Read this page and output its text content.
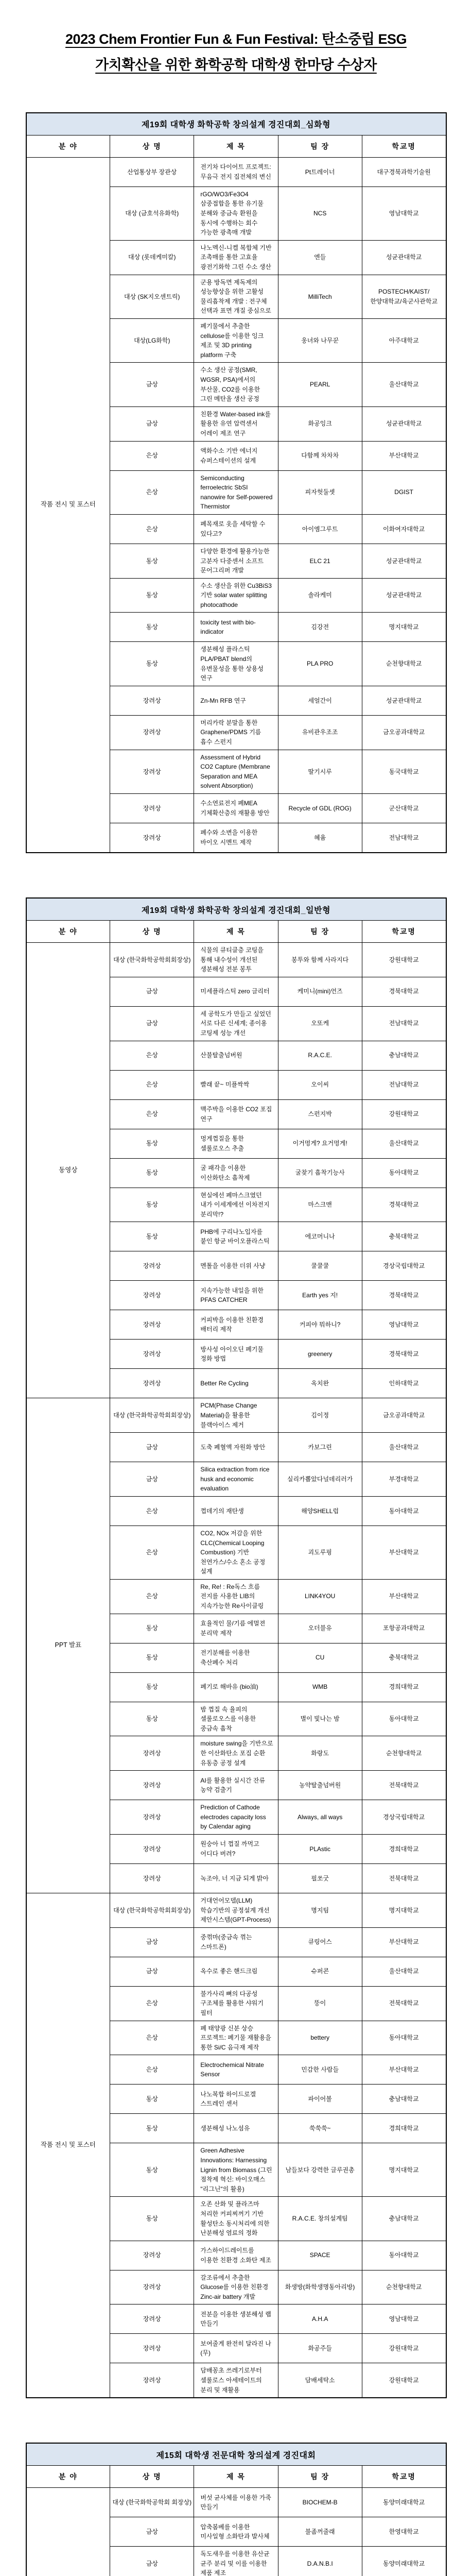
2023 Chem Frontier Fun & Fun Festival: 탄소중립 ESG
가치확산을 위한 화학공학 대학생 한마당 수상자
제19회 대학생 화학공학 창의설계 경진대회_심화형				
분 야	상 명	제 목	팀 장	학교명
작품 전시 및 포스터	산업통상부 장관상	전기차 다이어트 프로젝트: 무음극 전지 집전체의 변신	Pt트레이너	대구경북과학기술원
	대상 (금호석유화학)	rGO/WO3/Fe3O4 삼중접합을 통한 유기물 분해와 중금속 환원을 동시에 수행하는 회수 가능한 광촉매 개발	NCS	영남대학교
	대상 (롯데케미칼)	나노멕신-니켈 복합체 기반 조촉매를 통한 고효율 광전기화학 그린 수소 생산	엔들	성균관대학교
	대상 (SK지오센트릭)	군용 방독면 제독제의 성능향상을 위한 고활성 물리흡착제 개발 : 전구체 선택과 표면 개질 중심으로	MilliTech	POSTECH/KAIST/한양대학교/육군사관학교
	대상(LG화학)	폐기물에서 추출한 cellulose를 이용한 잉크 제조 및 3D printing platform 구축	웅녀와 나무꾼	아주대학교
	금상	수소 생산 공정(SMR, WGSR, PSA)에서의 부산물, CO2를 이용한 그린 메탄올 생산 공정	PEARL	울산대학교
	금상	친환경 Water-based ink를 활용한 유연 압력센서 어레이 제조 연구	화공잉크	성균관대학교
	은상	액화수소 기반 에너지 슈퍼스테이션의 설계	다함께 차차차	부산대학교
	은상	Semiconducting ferroelectric SbSI nanowire for Self-powered Thermistor	피자헛둘셋	DGIST
	은상	폐목재로 옷을 세탁할 수 있다고?	아이엠그루트	이화여자대학교
	동상	다양한 환경에 활용가능한 고분자 다중센서 소프트 문어그리퍼 개발	ELC 21	성균관대학교
	동상	수소 생산을 위한 Cu3BiS3 기반 solar water splitting photocathode	솔라케미	성균관대학교
	동상	toxicity test with bio-indicator	김강전	명지대학교
	동상	생분해성 플라스틱 PLA/PBAT blend의 유변물성을 통한 상용성 연구	PLA PRO	순천향대학교
	장려상	Zn-Mn RFB 연구	세얼간이	성균관대학교
	장려상	머리카락 분말을 통한 Graphene/PDMS 기름 흡수 스펀지	유비관우조조	금오공과대학교
	장려상	Assessment of Hybrid CO2 Capture (Membrane Separation and MEA solvent Absorption)	딸기시루	동국대학교
	장려상	수소연료전지 폐MEA 기체확산층의 재활용 방안	Recycle of GDL (ROG)	군산대학교
	장려상	폐수와 소변을 이용한 바이오 시멘트 제작	혜윰	전남대학교
제19회 대학생 화학공학 창의설계 경진대회_일반형				
분 야	상 명	제 목	팀 장	학교명
동영상	대상 (한국화학공학회회장상)	식물의 큐티클층 코팅을 통해 내수성이 개선된 생분해성 전분 봉투	봉투와 함께 사라지다	강원대학교
	금상	미세플라스틱 zero 글리터	케미니(mini)언즈	경북대학교
	금상	세 공학도가 만들고 싶었던 서로 다른 신세계; 종이용 코팅제 성능 개선	오또케	전남대학교
	은상	산불탈출넘버원	R.A.C.E.	충남대학교
	은상	빨래 끝~ 미플싹싹	오이씨	전남대학교
	은상	맥주박을 이용한 CO2 포집 연구	스펀지박	강원대학교
	동상	멍게껍질을 통한 셀룰로오스 추출	이거멍게? 요거멍게!	울산대학교
	동상	굴 패각을 이용한 이산화탄소 흡착제	굴찾기 흡착기능사	동아대학교
	동상	현실에선 폐마스크였던 내가 이세계에선 이차전지 분리막!?	마스크맨	경북대학교
	동상	PHB에 구리나노입자를 붙인 항균 바이오플라스틱	에코머니나	충북대학교
	장려상	멘톨을 이용한 더위 사냥	쿨쿨쿨	경상국립대학교
	장려상	지속가능한 내일을 위한 PFAS CATCHER	Earth yes 지!	경북대학교
	장려상	커피박을 이용한 친환경 배터리 제작	커피야 뭐하니?	영남대학교
	장려상	방사성 아이오딘 폐기물 정화 방법	greenery	경북대학교
	장려상	Better Re Cycling	옥치완	인하대학교
PPT 발표	대상 (한국화학공학회회장상)	PCM(Phase Change Material)을 활용한 블랙아이스 제거	김이정	금오공과대학교
	금상	도축 폐혈액 자원화 방안	카보그린	울산대학교
	금상	Silica extraction from rice husk and economic evaluation	실리카뽑았다널데리러가	부경대학교
	은상	껍데기의 재탄생	해양SHELL럽	동아대학교
	은상	CO2, NOx 저감을 위한 CLC(Chemical Looping Combustion) 기반 천연가스/수소 혼소 공정 설계	괴도루핑	부산대학교
	은상	Re, Re! : Re독스 흐름 전지를 사용한 LIB의 지속가능한 Re사이클링	LINK4YOU	부산대학교
	동상	효율적인 물/기름 에멀젼 분리막 제작	오더블유	포항공과대학교
	동상	전기분해를 이용한 축산폐수 처리	CU	충북대학교
	동상	폐기로 해바유 (bio油)	WMB	경희대학교
	동상	밤 껍질 속 율피의 셀룰로오스를 이용한 중금속 흡착	별이 빛나는 밤	동아대학교
	장려상	moisture swing을 기반으로 한 이산화탄소 포집 순환 유동층 공정 설계	화랑도	순천향대학교
	장려상	AI를 활용한 실시간 잔류 농약 검출기	농약탈출넘버원	전북대학교
	장려상	Prediction of Cathode electrodes capacity loss by Calendar aging	Always, all ways	경상국립대학교
	장려상	원숭아 너 껍질 까먹고 어디다 버려?	PLAstic	경희대학교
	장려상	녹조야, 너 지금 되게 밝아	필쏘굿	전북대학교
작품 전시 및 포스터	대상 (한국화학공학회회장상)	거대언어모델(LLM) 학습기반의 공정설계 개선 제안시스템(GPT-Process)	명지팀	명지대학교
	금상	중꺾마(중금속 꺾는 스마트폰)	큐링어스	부산대학교
	금상	옥수로 좋은 핸드크림	슈퍼콘	울산대학교
	은상	불가사리 뼈의 다공성 구조체를 활용한 샤워기 필터	뚱이	전북대학교
	은상	폐 태양광 신분 상승 프로젝트: 폐기물 재활용을 통한 Si/C 음극재 제작	bettery	동아대학교
	은상	Electrochemical Nitrate Sensor	민감한 사람들	부산대학교
	동상	나노복합 하이드로겔 스트레인 센서	파이어볼	충남대학교
	동상	생분해성 나노섬유	쑥쑥쑥~	경희대학교
	동상	Green Adhesive Innovations: Harnessing Lignin from Biomass (그린 점착제 혁신: 바이오매스 "리그닌"의 활용)	남들보다 강력한 글루권총	명지대학교
	동상	오존 산화 및 플라즈마 처리한 커피찌꺼기 기반 활성탄소 동시처리에 의한 난분해성 염료의 정화	R.A.C.E. 창의설계팀	충남대학교
	장려상	가스하이드레이트를 이용한 친환경 소화탄 제조	SPACE	동아대학교
	장려상	갈조류에서 추출한 Glucose를 이용한 친환경 Zinc-air battery 개발	화생방(화학생명동아리방)	순천향대학교
	장려상	전분을 이용한 생분해성 랩 만들기	A.H.A	영남대학교
	장려상	보여줄게 완전히 달라진 나(무)	화공주들	강원대학교
	장려상	담배꽁초 쓰레기로부터 셀룰로스 아세테이트의 분리 및 재활용	담배세탁소	강원대학교
제15회 대학생 전문대학 창의설계 경진대회				
분 야	상 명	제 목	팀 장	학교명
	대상 (한국화학공학회 회장상)	버섯 균사체를 이용한 가죽 만들기	BIOCHEM-B	동양미래대학교
	금상	압축봄베를 이용한 미사일형 소화탄과 발사체	불좀꺼줄래	한영대학교
	금상	독도새우를 이용한 유산균 균주 분리 및 이를 이용한 제품 제조	D.A.N.B.I	동양미래대학교
